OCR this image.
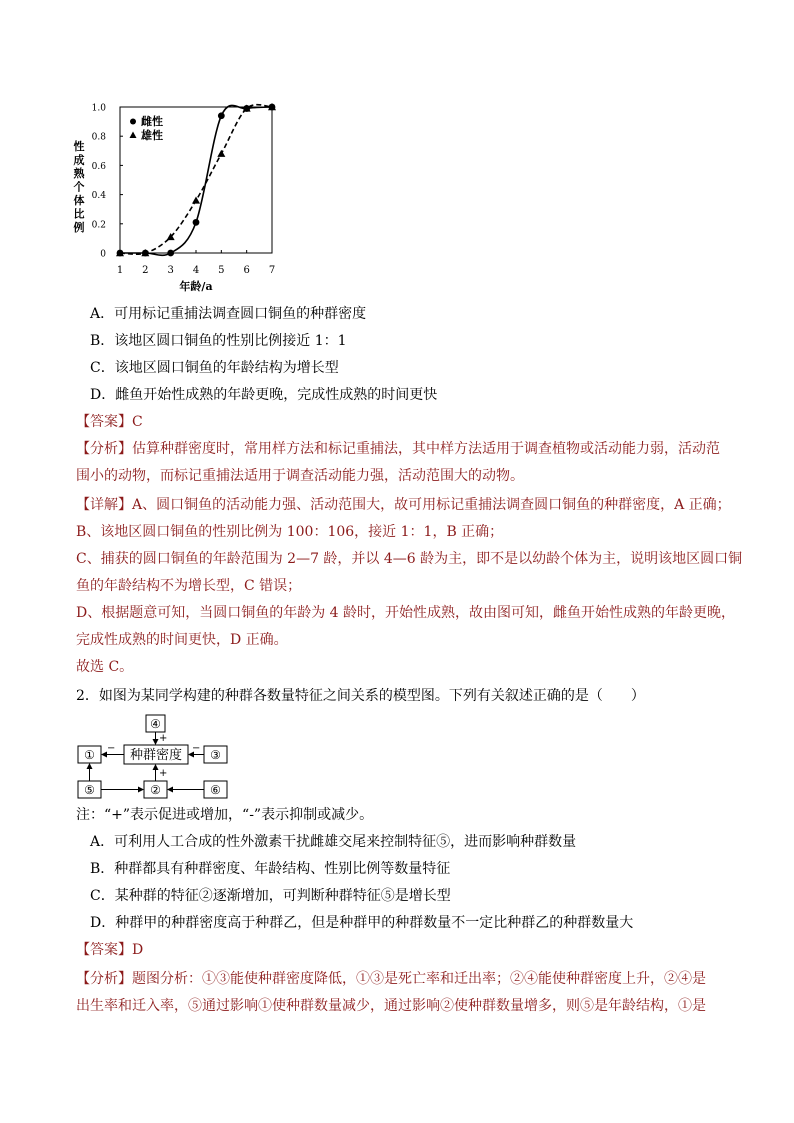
1 2 3 4 5 6 7
0
0.2
0.4
0.6
0.8
1.0
年龄/a
性成熟个体比例
雌性
雄性
A．可用标记重捕法调查圆口铜鱼的种群密度
B．该地区圆口铜鱼的性别比例接近 1：1
C．该地区圆口铜鱼的年龄结构为增长型
D．雌鱼开始性成熟的年龄更晚，完成性成熟的时间更快
【答案】C
【分析】估算种群密度时，常用样方法和标记重捕法，其中样方法适用于调查植物或活动能力弱，活动范
围小的动物，而标记重捕法适用于调查活动能力强，活动范围大的动物。
【详解】A、圆口铜鱼的活动能力强、活动范围大，故可用标记重捕法调查圆口铜鱼的种群密度，A 正确；
B、该地区圆口铜鱼的性别比例为 100：106，接近 1：1，B 正确；
C、捕获的圆口铜鱼的年龄范围为 2—7 龄，并以 4—6 龄为主，即不是以幼龄个体为主，说明该地区圆口铜
鱼的年龄结构不为增长型，C 错误；
D、根据题意可知，当圆口铜鱼的年龄为 4 龄时，开始性成熟，故由图可知，雌鱼开始性成熟的年龄更晚，
完成性成熟的时间更快，D 正确。
故选 C。
2．如图为某同学构建的种群各数量特征之间关系的模型图。下列有关叙述正确的是（　　）
④
种群密度
①	③
⑤	②	⑥
+
−	−
+
注：“+”表示促进或增加，“-”表示抑制或减少。
A．可利用人工合成的性外激素干扰雌雄交尾来控制特征⑤，进而影响种群数量
B．种群都具有种群密度、年龄结构、性别比例等数量特征
C．某种群的特征②逐渐增加，可判断种群特征⑤是增长型
D．种群甲的种群密度高于种群乙，但是种群甲的种群数量不一定比种群乙的种群数量大
【答案】D
【分析】题图分析：①③能使种群密度降低，①③是死亡率和迁出率；②④能使种群密度上升，②④是
出生率和迁入率，⑤通过影响①使种群数量减少，通过影响②使种群数量增多，则⑤是年龄结构，①是
